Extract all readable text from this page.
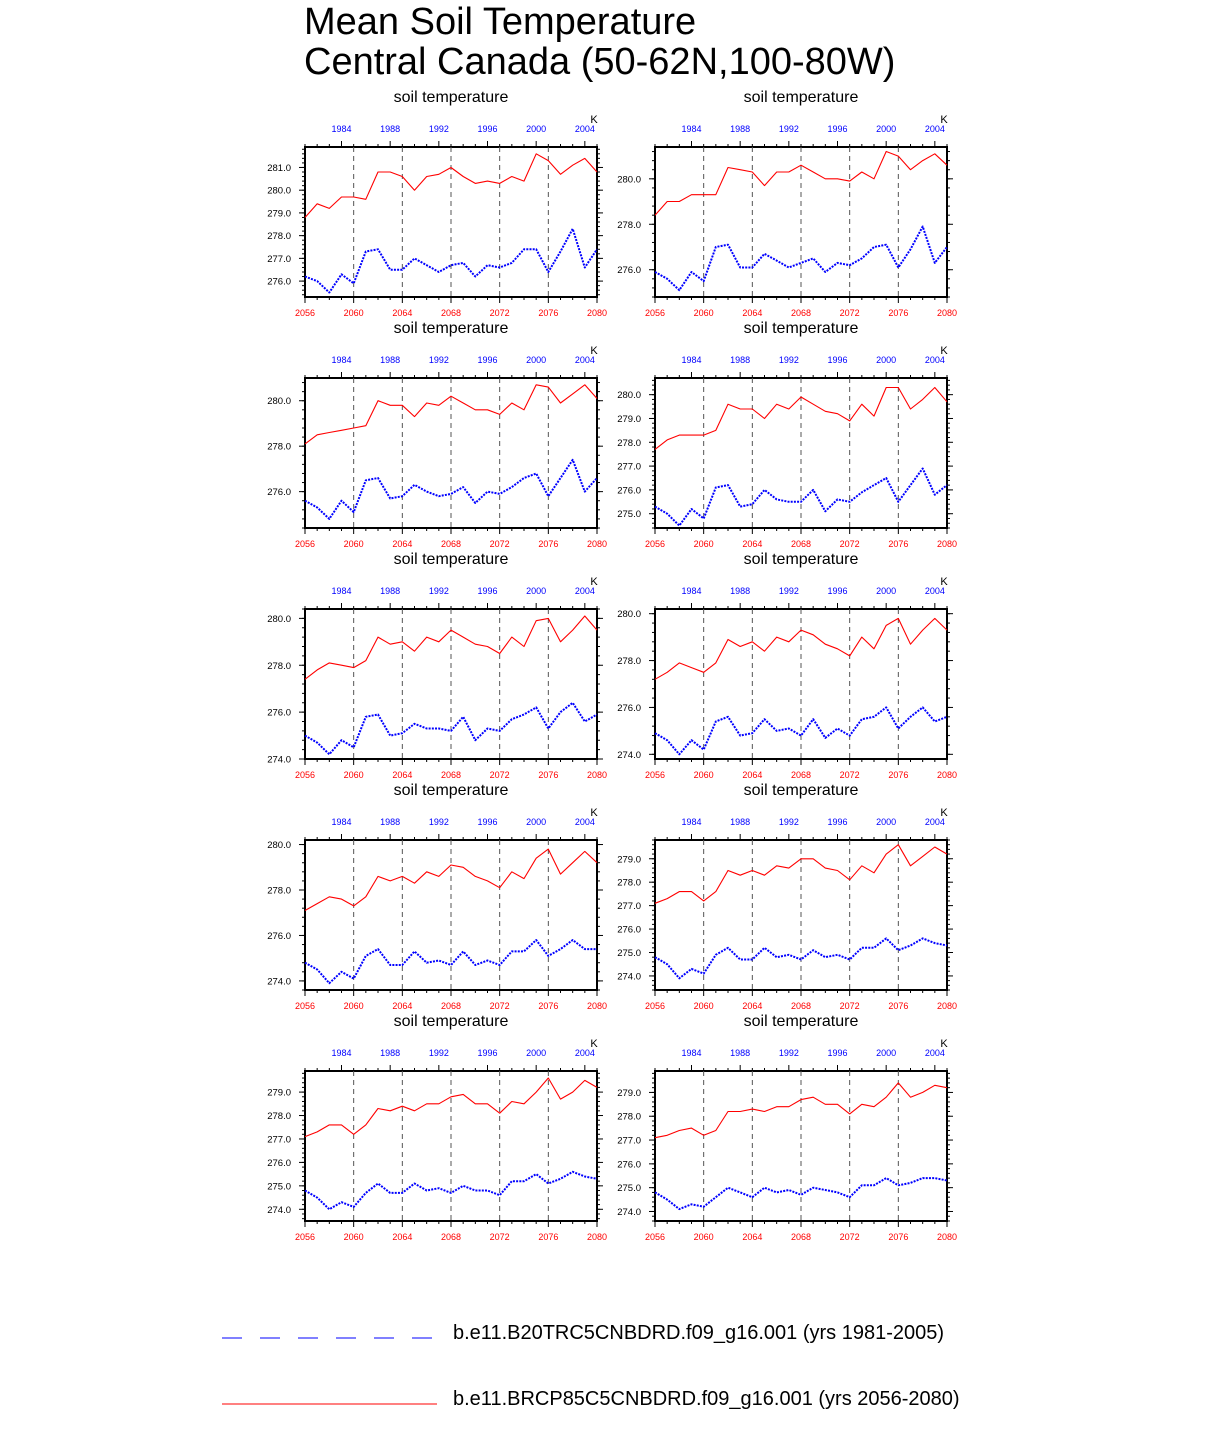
Mean Soil Temperature
Central Canada (50-62N,100-80W)
soil temperature
K
2056	2060	2064	2068	2072	2076	2080
1984	1988	1992	1996	2000	2004
276.0
277.0
278.0
279.0
280.0
281.0
soil temperature
K
2056	2060	2064	2068	2072	2076	2080
1984	1988	1992	1996	2000	2004
276.0
278.0
280.0
soil temperature
K
2056	2060	2064	2068	2072	2076	2080
1984	1988	1992	1996	2000	2004
276.0
278.0
280.0
soil temperature
K
2056	2060	2064	2068	2072	2076	2080
1984	1988	1992	1996	2000	2004
275.0
276.0
277.0
278.0
279.0
280.0
soil temperature
K
2056	2060	2064	2068	2072	2076	2080
1984	1988	1992	1996	2000	2004
274.0
276.0
278.0
280.0
soil temperature
K
2056	2060	2064	2068	2072	2076	2080
1984	1988	1992	1996	2000	2004
274.0
276.0
278.0
280.0
soil temperature
K
2056	2060	2064	2068	2072	2076	2080
1984	1988	1992	1996	2000	2004
274.0
276.0
278.0
280.0
soil temperature
K
2056	2060	2064	2068	2072	2076	2080
1984	1988	1992	1996	2000	2004
274.0
275.0
276.0
277.0
278.0
279.0
soil temperature
K
2056	2060	2064	2068	2072	2076	2080
1984	1988	1992	1996	2000	2004
274.0
275.0
276.0
277.0
278.0
279.0
soil temperature
K
2056	2060	2064	2068	2072	2076	2080
1984	1988	1992	1996	2000	2004
274.0
275.0
276.0
277.0
278.0
279.0
b.e11.B20TRC5CNBDRD.f09_g16.001 (yrs 1981-2005)
b.e11.BRCP85C5CNBDRD.f09_g16.001 (yrs 2056-2080)
